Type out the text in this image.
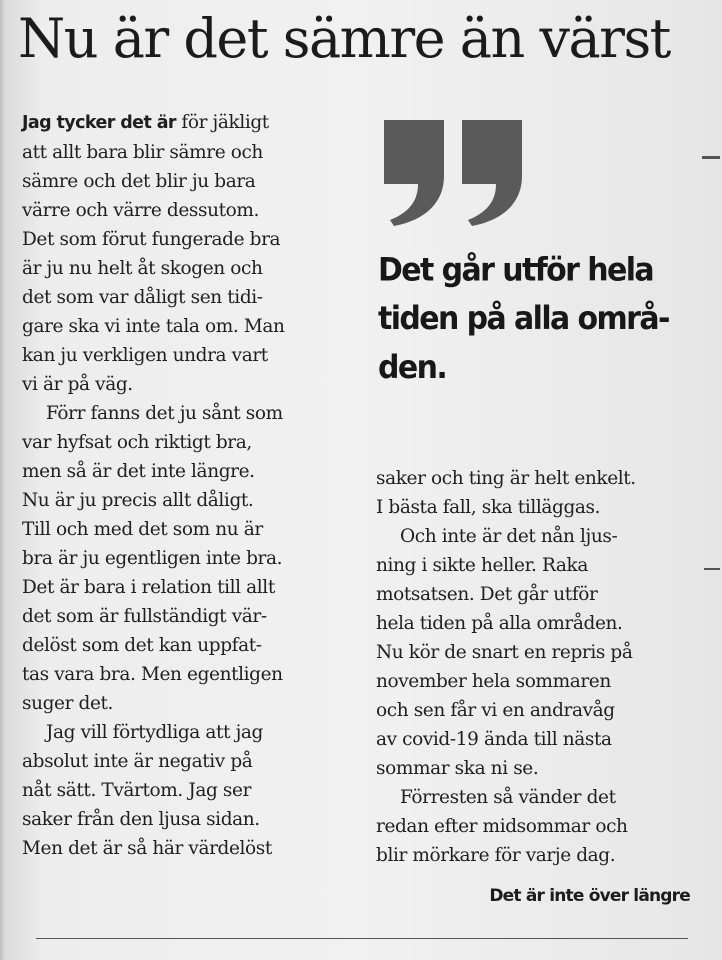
Nu är det sämre än värst

Jag tycker det är för jäkligt
att allt bara blir sämre och
sämre och det blir ju bara
värre och värre dessutom.
Det som förut fungerade bra
är ju nu helt åt skogen och
det som var dåligt sen tidi-
gare ska vi inte tala om. Man
kan ju verkligen undra vart
vi är på väg.

Förr fanns det ju sånt som
var hyfsat och riktigt bra,
men så är det inte längre.
Nu är ju precis allt dåligt.
Till och med det som nu är
bra är ju egentligen inte bra.
Det är bara i relation till allt
det som är fullständigt vär-
delöst som det kan uppfat-
tas vara bra. Men egentligen
suger det.

Jag vill förtydliga att jag
absolut inte är negativ på
nåt sätt. Tvärtom. Jag ser
saker från den ljusa sidan.
Men det är så här värdelöst

Det går utför hela
tiden på alla områ-
den.

saker och ting är helt enkelt.
I bästa fall, ska tilläggas.

Och inte är det nån ljus-
ning i sikte heller. Raka
motsatsen. Det går utför
hela tiden på alla områden.
Nu kör de snart en repris på
november hela sommaren
och sen får vi en andravåg
av covid-19 ända till nästa
sommar ska ni se.

Förresten så vänder det
redan efter midsommar och
blir mörkare för varje dag.

Det är inte över längre
